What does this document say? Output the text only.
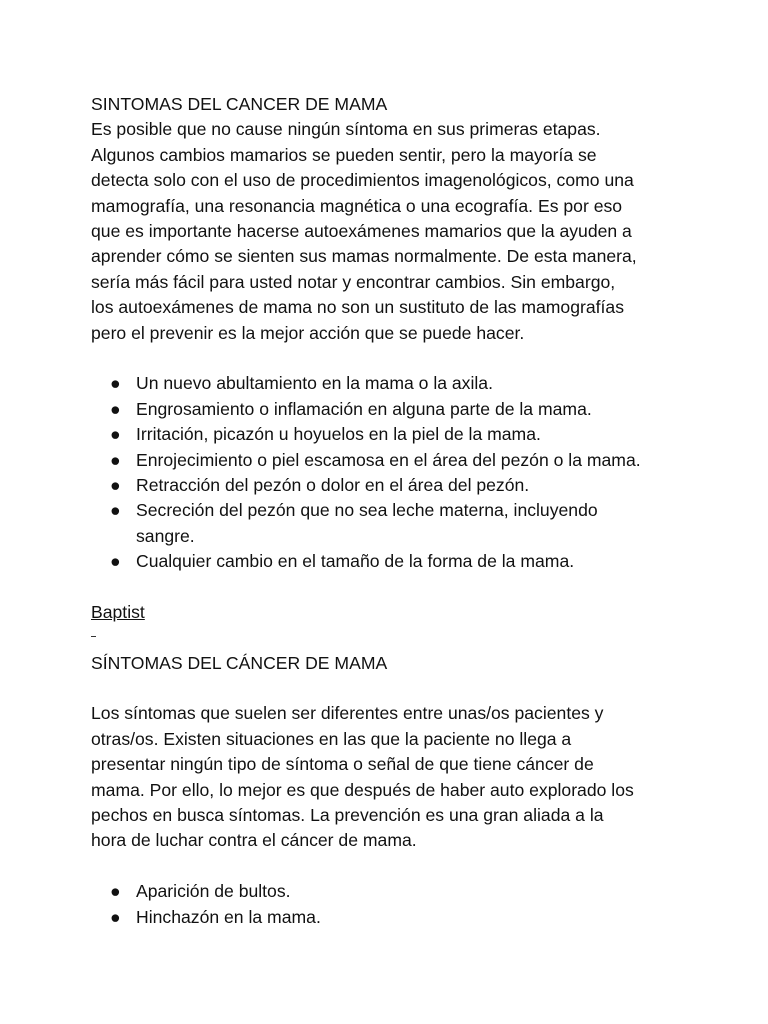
SINTOMAS DEL CANCER DE MAMA
Es posible que no cause ningún síntoma en sus primeras etapas.
Algunos cambios mamarios se pueden sentir, pero la mayoría se
detecta solo con el uso de procedimientos imagenológicos, como una
mamografía, una resonancia magnética o una ecografía. Es por eso
que es importante hacerse autoexámenes mamarios que la ayuden a
aprender cómo se sienten sus mamas normalmente. De esta manera,
sería más fácil para usted notar y encontrar cambios. Sin embargo,
los autoexámenes de mama no son un sustituto de las mamografías
pero el prevenir es la mejor acción que se puede hacer.
● Un nuevo abultamiento en la mama o la axila.
● Engrosamiento o inflamación en alguna parte de la mama.
● Irritación, picazón u hoyuelos en la piel de la mama.
● Enrojecimiento o piel escamosa en el área del pezón o la mama.
● Retracción del pezón o dolor en el área del pezón.
● Secreción del pezón que no sea leche materna, incluyendo
sangre.
● Cualquier cambio en el tamaño de la forma de la mama.
Baptist
SÍNTOMAS DEL CÁNCER DE MAMA
Los síntomas que suelen ser diferentes entre unas/os pacientes y
otras/os. Existen situaciones en las que la paciente no llega a
presentar ningún tipo de síntoma o señal de que tiene cáncer de
mama. Por ello, lo mejor es que después de haber auto explorado los
pechos en busca síntomas. La prevención es una gran aliada a la
hora de luchar contra el cáncer de mama.
● Aparición de bultos.
● Hinchazón en la mama.
